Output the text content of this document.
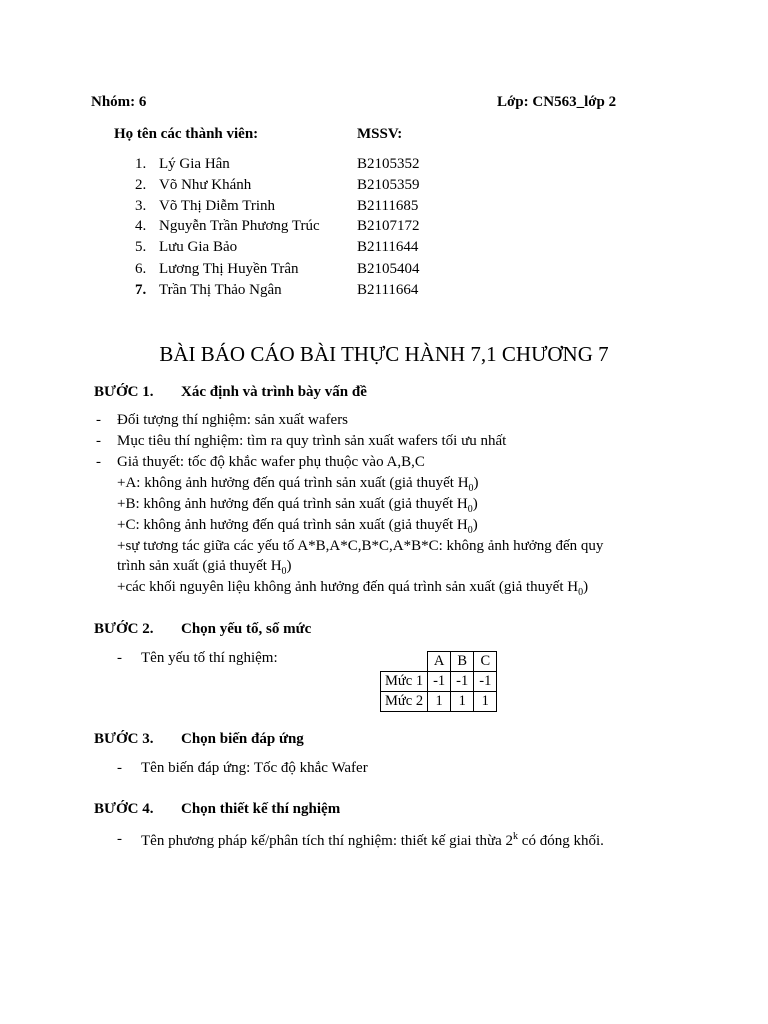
Nhóm: 6	Lớp: CN563_lớp 2
Họ tên các thành viên:	MSSV:
1. Lý Gia Hân	B2105352
2. Võ Như Khánh	B2105359
3. Võ Thị Diễm Trinh	B2111685
4. Nguyễn Trần Phương Trúc B2107172
5. Lưu Gia Bảo	B2111644
6. Lương Thị Huyền Trân	B2105404
7. Trần Thị Thảo Ngân	B2111664
BÀI BÁO CÁO BÀI THỰC HÀNH 7,1 CHƯƠNG 7
BƯỚC 1. Xác định và trình bày vấn đề
- Đối tượng thí nghiệm: sản xuất wafers
- Mục tiêu thí nghiệm: tìm ra quy trình sản xuất wafers tối ưu nhất
- Giả thuyết: tốc độ khắc wafer phụ thuộc vào A,B,C
+A: không ảnh hưởng đến quá trình sản xuất (giả thuyết $H_0$)
+B: không ảnh hưởng đến quá trình sản xuất (giả thuyết $H_0$)
+C: không ảnh hưởng đến quá trình sản xuất (giả thuyết $H_0$)
+sự tương tác giữa các yếu tố A*B,A*C,B*C,A*B*C: không ảnh hưởng đến quy
trình sản xuất (giả thuyết $H_0$)
+các khối nguyên liệu không ảnh hưởng đến quá trình sản xuất (giả thuyết $H_0$)
BƯỚC 2. Chọn yếu tố, số mức
- Tên yếu tố thí nghiệm:
		A	B	C
Mức 1	-1	-1	-1
Mức 2	1	1	1
BƯỚC 3. Chọn biến đáp ứng
- Tên biến đáp ứng: Tốc độ khắc Wafer
BƯỚC 4. Chọn thiết kế thí nghiệm
- Tên phương pháp kế/phân tích thí nghiệm: thiết kế giai thừa 2$^k$ có đóng khối.
